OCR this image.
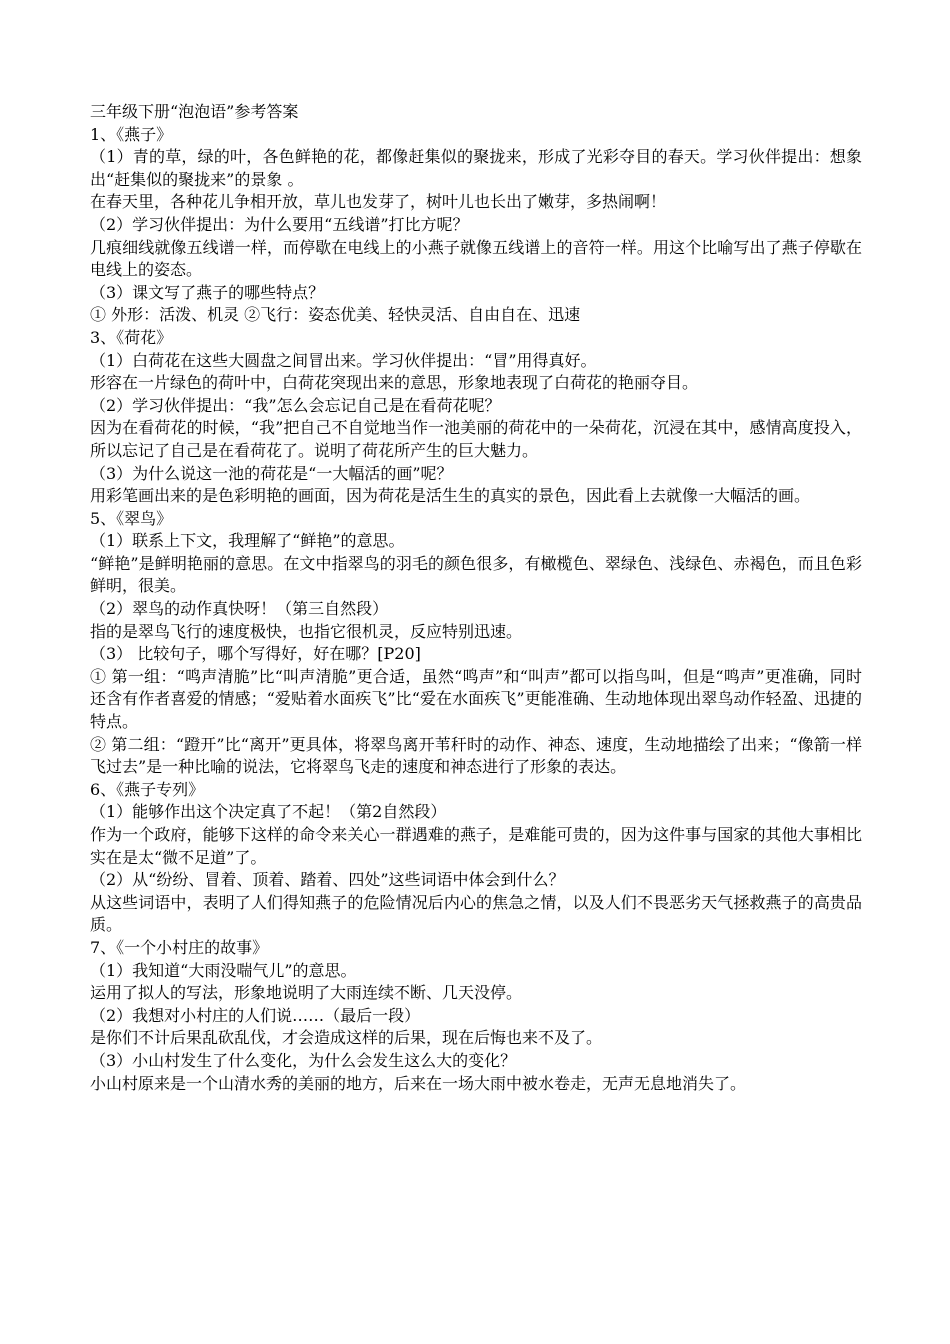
三年级下册“泡泡语”参考答案

1、《燕子》

（1）青的草，绿的叶，各色鲜艳的花，都像赶集似的聚拢来，形成了光彩夺目的春天。学习伙伴提出：想象出“赶集似的聚拢来”的景象 。

在春天里，各种花儿争相开放，草儿也发芽了，树叶儿也长出了嫩芽，多热闹啊！

（2）学习伙伴提出：为什么要用“五线谱”打比方呢？

几痕细线就像五线谱一样，而停歇在电线上的小燕子就像五线谱上的音符一样。用这个比喻写出了燕子停歇在电线上的姿态。

（3）课文写了燕子的哪些特点？

① 外形：活泼、机灵 ②飞行：姿态优美、轻快灵活、自由自在、迅速

3、《荷花》

（1）白荷花在这些大圆盘之间冒出来。学习伙伴提出：“冒”用得真好。

形容在一片绿色的荷叶中，白荷花突现出来的意思，形象地表现了白荷花的艳丽夺目。

（2）学习伙伴提出：“我”怎么会忘记自己是在看荷花呢？

因为在看荷花的时候，“我”把自己不自觉地当作一池美丽的荷花中的一朵荷花，沉浸在其中，感情高度投入，所以忘记了自己是在看荷花了。说明了荷花所产生的巨大魅力。

（3）为什么说这一池的荷花是“一大幅活的画”呢？

用彩笔画出来的是色彩明艳的画面，因为荷花是活生生的真实的景色，因此看上去就像一大幅活的画。

5、《翠鸟》

（1）联系上下文，我理解了“鲜艳”的意思。

“鲜艳”是鲜明艳丽的意思。在文中指翠鸟的羽毛的颜色很多，有橄榄色、翠绿色、浅绿色、赤褐色，而且色彩鲜明，很美。

（2）翠鸟的动作真快呀！（第三自然段）

指的是翠鸟飞行的速度极快，也指它很机灵，反应特别迅速。

（3） 比较句子，哪个写得好，好在哪？[P20]

① 第一组：“鸣声清脆”比“叫声清脆”更合适，虽然“鸣声”和“叫声”都可以指鸟叫，但是“鸣声”更准确，同时还含有作者喜爱的情感；“爱贴着水面疾飞”比“爱在水面疾飞”更能准确、生动地体现出翠鸟动作轻盈、迅捷的特点。

② 第二组：“蹬开”比“离开”更具体，将翠鸟离开苇秆时的动作、神态、速度，生动地描绘了出来；“像箭一样飞过去”是一种比喻的说法，它将翠鸟飞走的速度和神态进行了形象的表达。

6、《燕子专列》

（1）能够作出这个决定真了不起！（第2自然段）

作为一个政府，能够下这样的命令来关心一群遇难的燕子，是难能可贵的，因为这件事与国家的其他大事相比实在是太“微不足道”了。

（2）从“纷纷、冒着、顶着、踏着、四处”这些词语中体会到什么？

从这些词语中，表明了人们得知燕子的危险情况后内心的焦急之情，以及人们不畏恶劣天气拯救燕子的高贵品质。

7、《一个小村庄的故事》

（1）我知道“大雨没喘气儿”的意思。

运用了拟人的写法，形象地说明了大雨连续不断、几天没停。

（2）我想对小村庄的人们说……（最后一段）

是你们不计后果乱砍乱伐，才会造成这样的后果，现在后悔也来不及了。

（3）小山村发生了什么变化，为什么会发生这么大的变化？

小山村原来是一个山清水秀的美丽的地方，后来在一场大雨中被水卷走，无声无息地消失了。
